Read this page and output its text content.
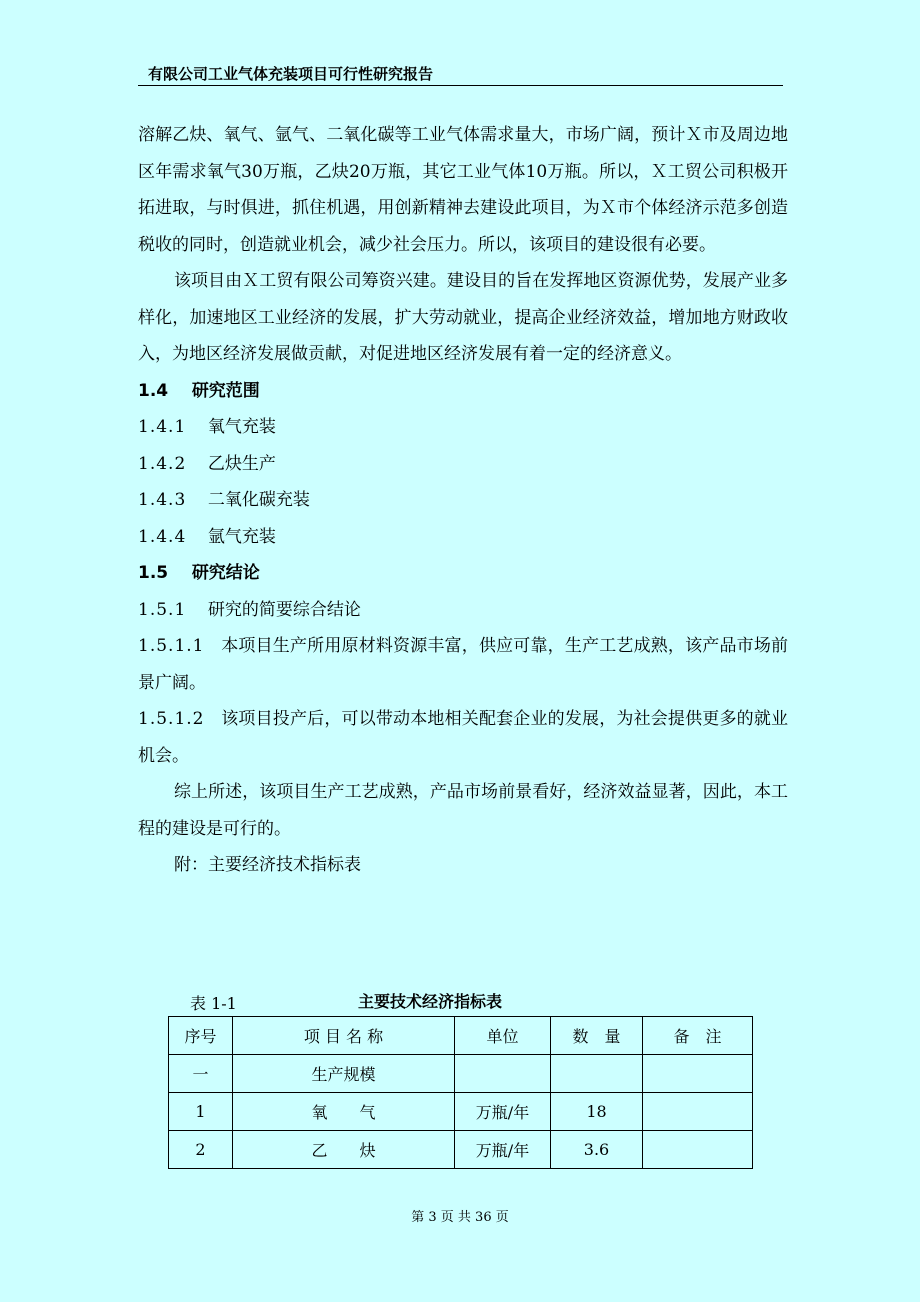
有限公司工业气体充装项目可行性研究报告

溶解乙炔、氧气、氩气、二氧化碳等工业气体需求量大，市场广阔，预计Ｘ市及周边地区年需求氧气30万瓶，乙炔20万瓶，其它工业气体10万瓶。所以，Ｘ工贸公司积极开拓进取，与时俱进，抓住机遇，用创新精神去建设此项目，为Ｘ市个体经济示范多创造税收的同时，创造就业机会，减少社会压力。所以，该项目的建设很有必要。

该项目由Ｘ工贸有限公司筹资兴建。建设目的旨在发挥地区资源优势，发展产业多样化，加速地区工业经济的发展，扩大劳动就业，提高企业经济效益，增加地方财政收入，为地区经济发展做贡献，对促进地区经济发展有着一定的经济意义。

1.4 研究范围

1.4.1 氧气充装

1.4.2 乙炔生产

1.4.3 二氧化碳充装

1.4.4 氩气充装

1.5 研究结论

1.5.1 研究的简要综合结论

1.5.1.1 本项目生产所用原材料资源丰富，供应可靠，生产工艺成熟，该产品市场前景广阔。

1.5.1.2 该项目投产后，可以带动本地相关配套企业的发展，为社会提供更多的就业机会。

综上所述，该项目生产工艺成熟，产品市场前景看好，经济效益显著，因此，本工程的建设是可行的。

附：主要经济技术指标表

表 1-1	主要技术经济指标表
序号	项 目 名 称	单位	数　量	备　注
一	生产规模			
1	氧　　气	万瓶/年	18	
2	乙　　炔	万瓶/年	3.6	
第 3 页 共 36 页
